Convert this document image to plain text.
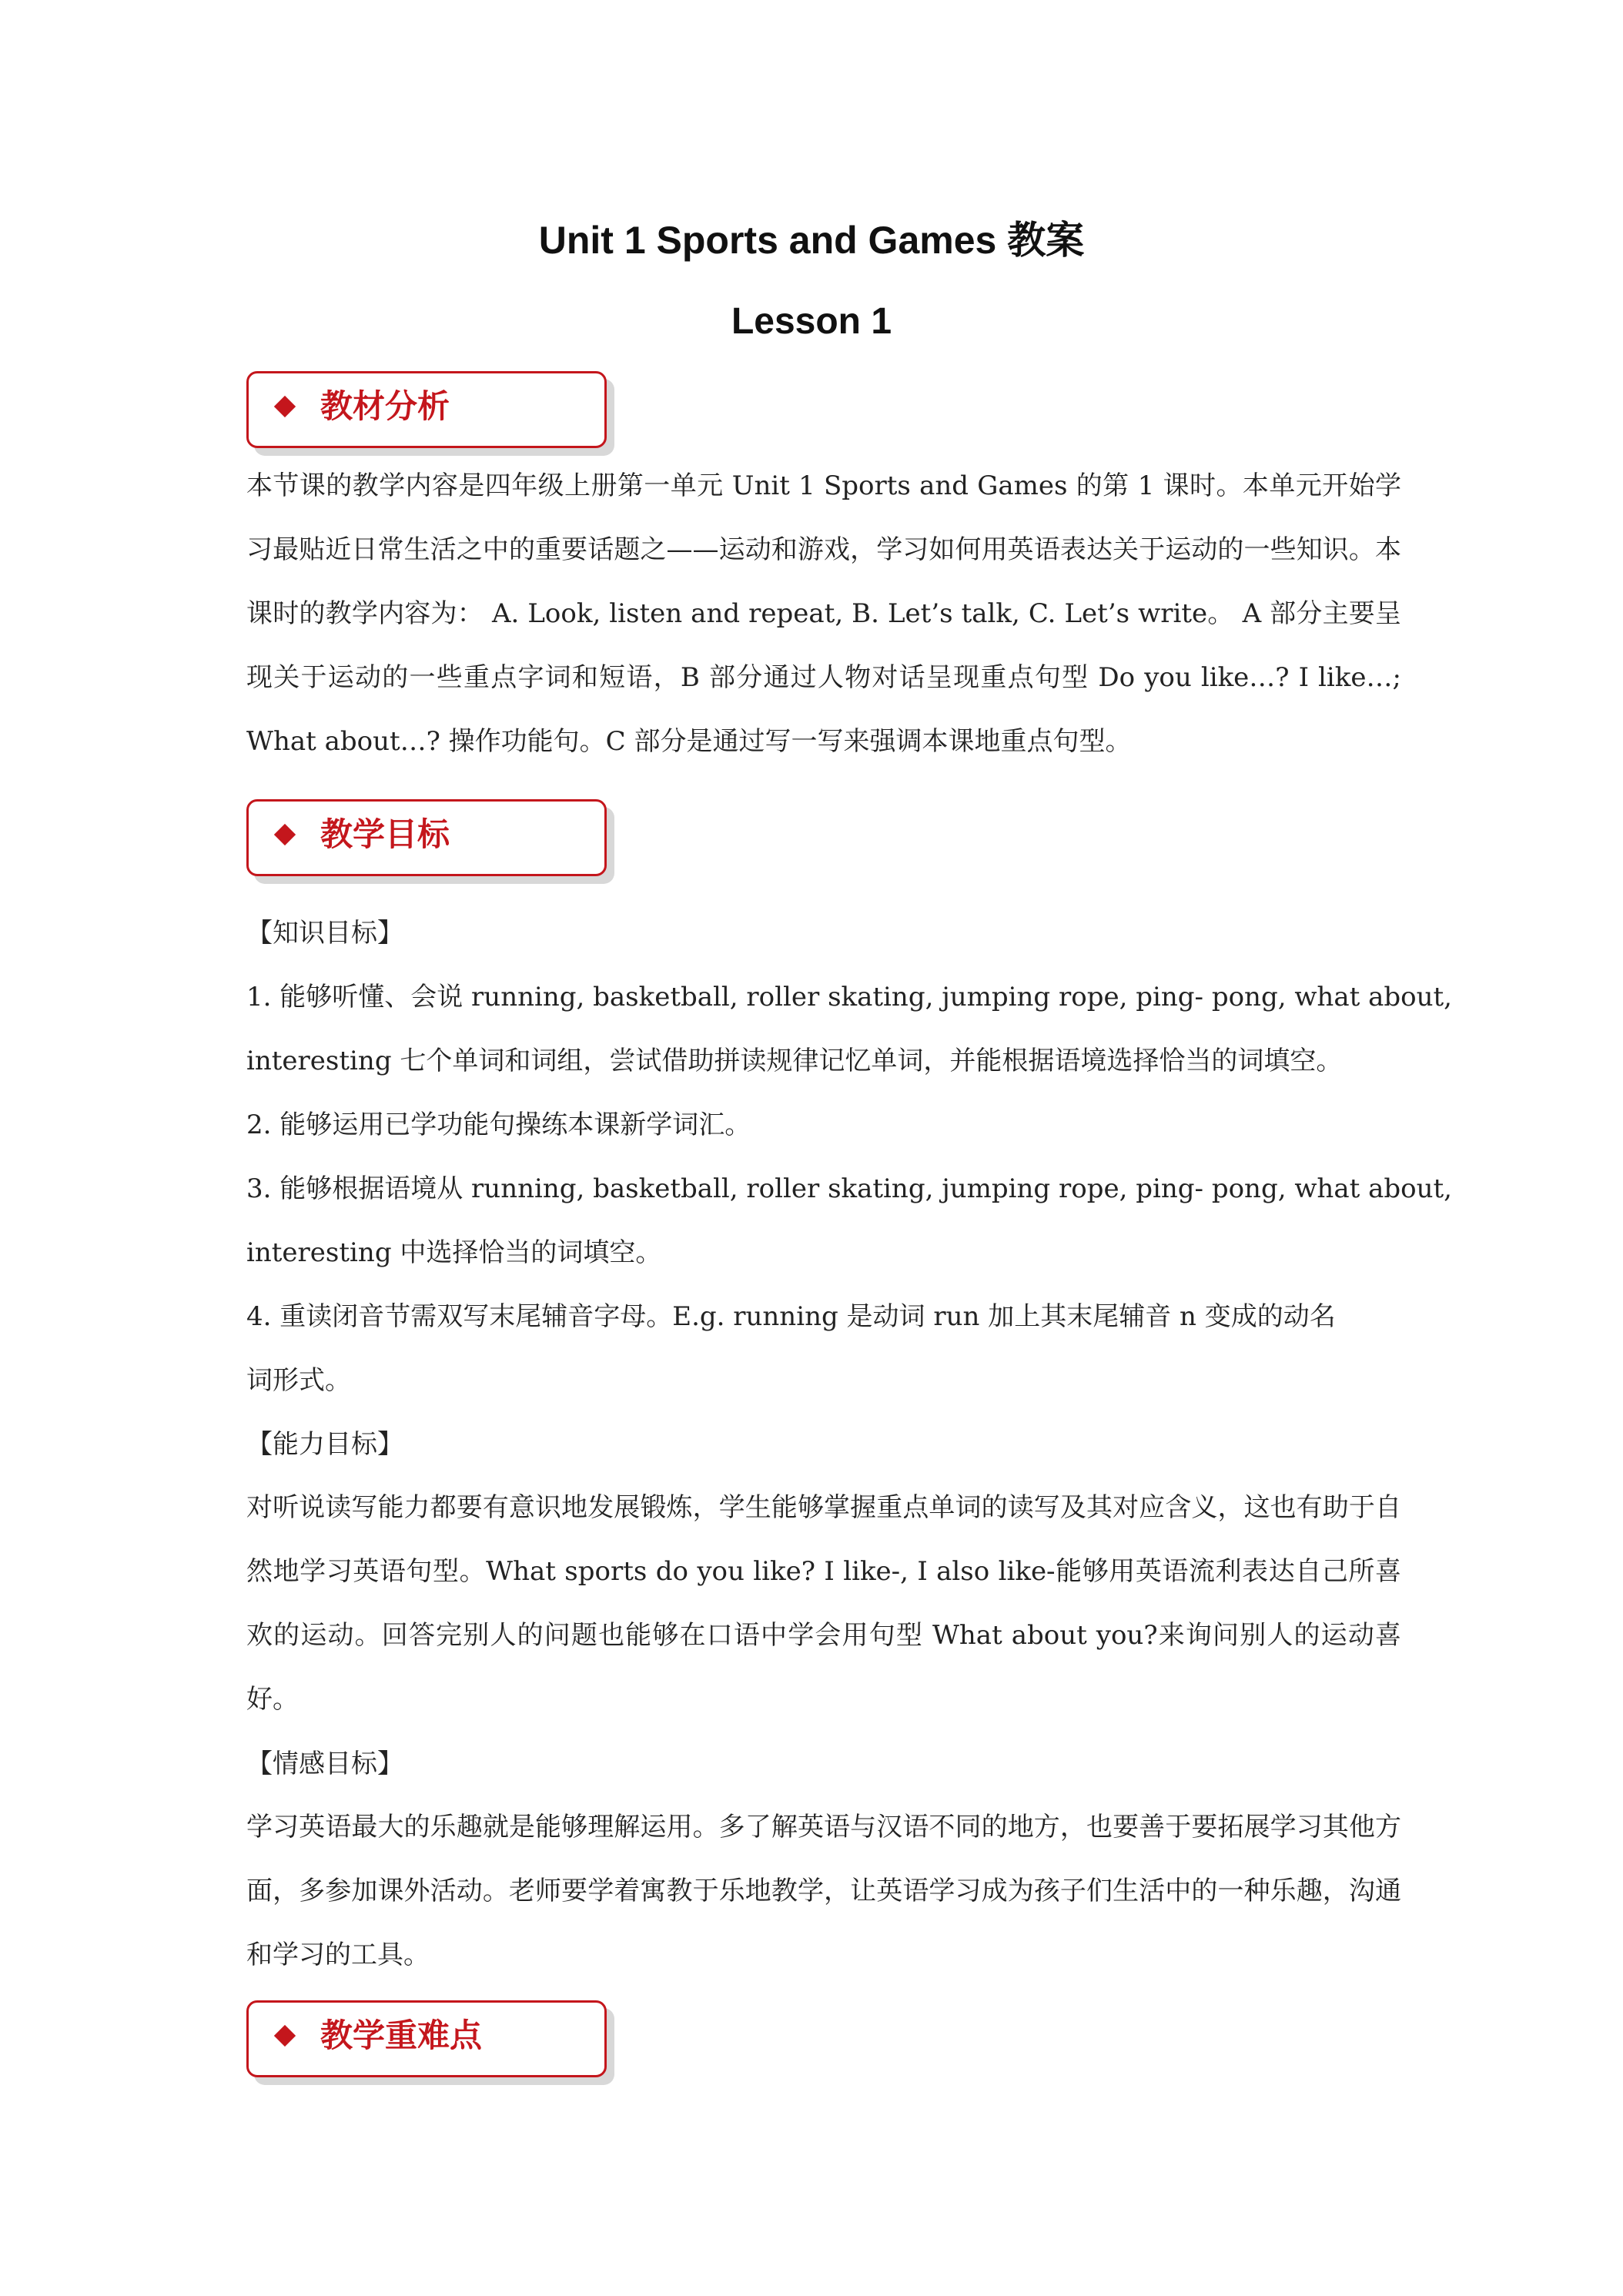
Unit 1 Sports and Games 教案
Lesson 1
教材分析

本节课的教学内容是四年级上册第一单元 Unit 1 Sports and Games 的第 1 课时。本单元开始学习最贴近日常生活之中的重要话题之——运动和游戏，学习如何用英语表达关于运动的一些知识。本课时的教学内容为： A. Look, listen and repeat, B. Let’s talk, C. Let’s write。 A 部分主要呈现关于运动的一些重点字词和短语，B 部分通过人物对话呈现重点句型 Do you like…? I like…; What about…? 操作功能句。C 部分是通过写一写来强调本课地重点句型。

教学目标
【知识目标】
1. 能够听懂、会说 running, basketball, roller skating, jumping rope, ping- pong, what about,
interesting 七个单词和词组，尝试借助拼读规律记忆单词，并能根据语境选择恰当的词填空。
2. 能够运用已学功能句操练本课新学词汇。
3. 能够根据语境从 running, basketball, roller skating, jumping rope, ping- pong, what about,
interesting 中选择恰当的词填空。
4. 重读闭音节需双写末尾辅音字母。E.g. running 是动词 run 加上其末尾辅音 n 变成的动名
词形式。
【能力目标】

对听说读写能力都要有意识地发展锻炼，学生能够掌握重点单词的读写及其对应含义，这也有助于自然地学习英语句型。What sports do you like? I like-, I also like-能够用英语流利表达自己所喜欢的运动。回答完别人的问题也能够在口语中学会用句型 What about you?来询问别人的运动喜好。

【情感目标】

学习英语最大的乐趣就是能够理解运用。多了解英语与汉语不同的地方，也要善于要拓展学习其他方面，多参加课外活动。老师要学着寓教于乐地教学，让英语学习成为孩子们生活中的一种乐趣，沟通和学习的工具。

教学重难点
